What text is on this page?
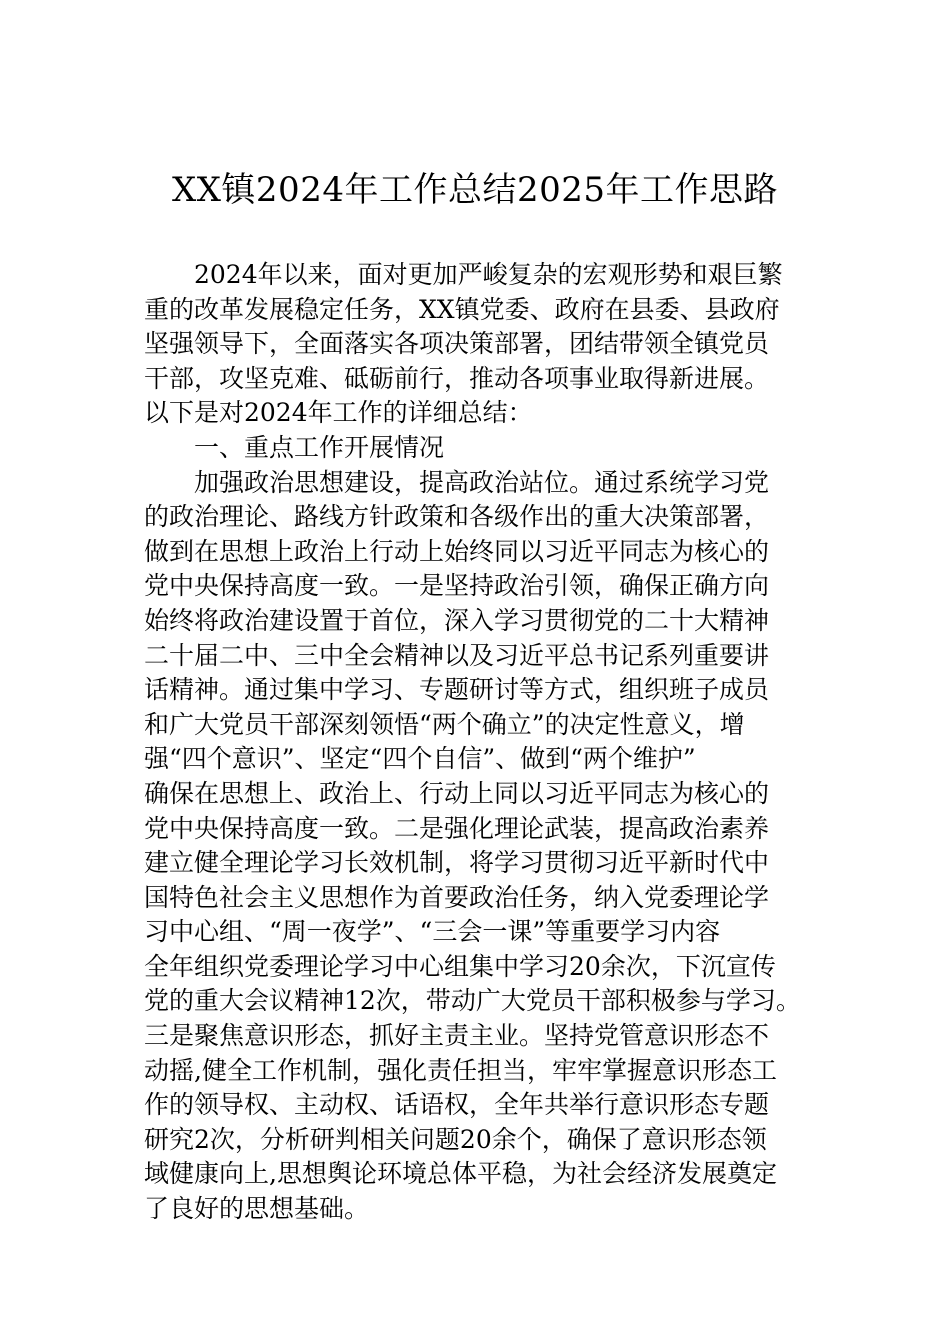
XX镇2024年工作总结2025年工作思路

2024年以来，面对更加严峻复杂的宏观形势和艰巨繁

重的改革发展稳定任务，XX镇党委、政府在县委、县政府

坚强领导下，全面落实各项决策部署，团结带领全镇党员

干部，攻坚克难、砥砺前行，推动各项事业取得新进展。

以下是对2024年工作的详细总结：

一、重点工作开展情况

加强政治思想建设，提高政治站位。通过系统学习党

的政治理论、路线方针政策和各级作出的重大决策部署，

做到在思想上政治上行动上始终同以习近平同志为核心的

党中央保持高度一致。一是坚持政治引领，确保正确方向

始终将政治建设置于首位，深入学习贯彻党的二十大精神

二十届二中、三中全会精神以及习近平总书记系列重要讲

话精神。通过集中学习、专题研讨等方式，组织班子成员

和广大党员干部深刻领悟“两个确立”的决定性意义，增

强“四个意识”、坚定“四个自信”、做到“两个维护”

确保在思想上、政治上、行动上同以习近平同志为核心的

党中央保持高度一致。二是强化理论武装，提高政治素养

建立健全理论学习长效机制，将学习贯彻习近平新时代中

国特色社会主义思想作为首要政治任务，纳入党委理论学

习中心组、“周一夜学”、“三会一课”等重要学习内容

全年组织党委理论学习中心组集中学习20余次，下沉宣传

党的重大会议精神12次，带动广大党员干部积极参与学习。

三是聚焦意识形态，抓好主责主业。坚持党管意识形态不

动摇,健全工作机制，强化责任担当，牢牢掌握意识形态工

作的领导权、主动权、话语权，全年共举行意识形态专题

研究2次，分析研判相关问题20余个，确保了意识形态领

域健康向上,思想舆论环境总体平稳，为社会经济发展奠定

了良好的思想基础。
